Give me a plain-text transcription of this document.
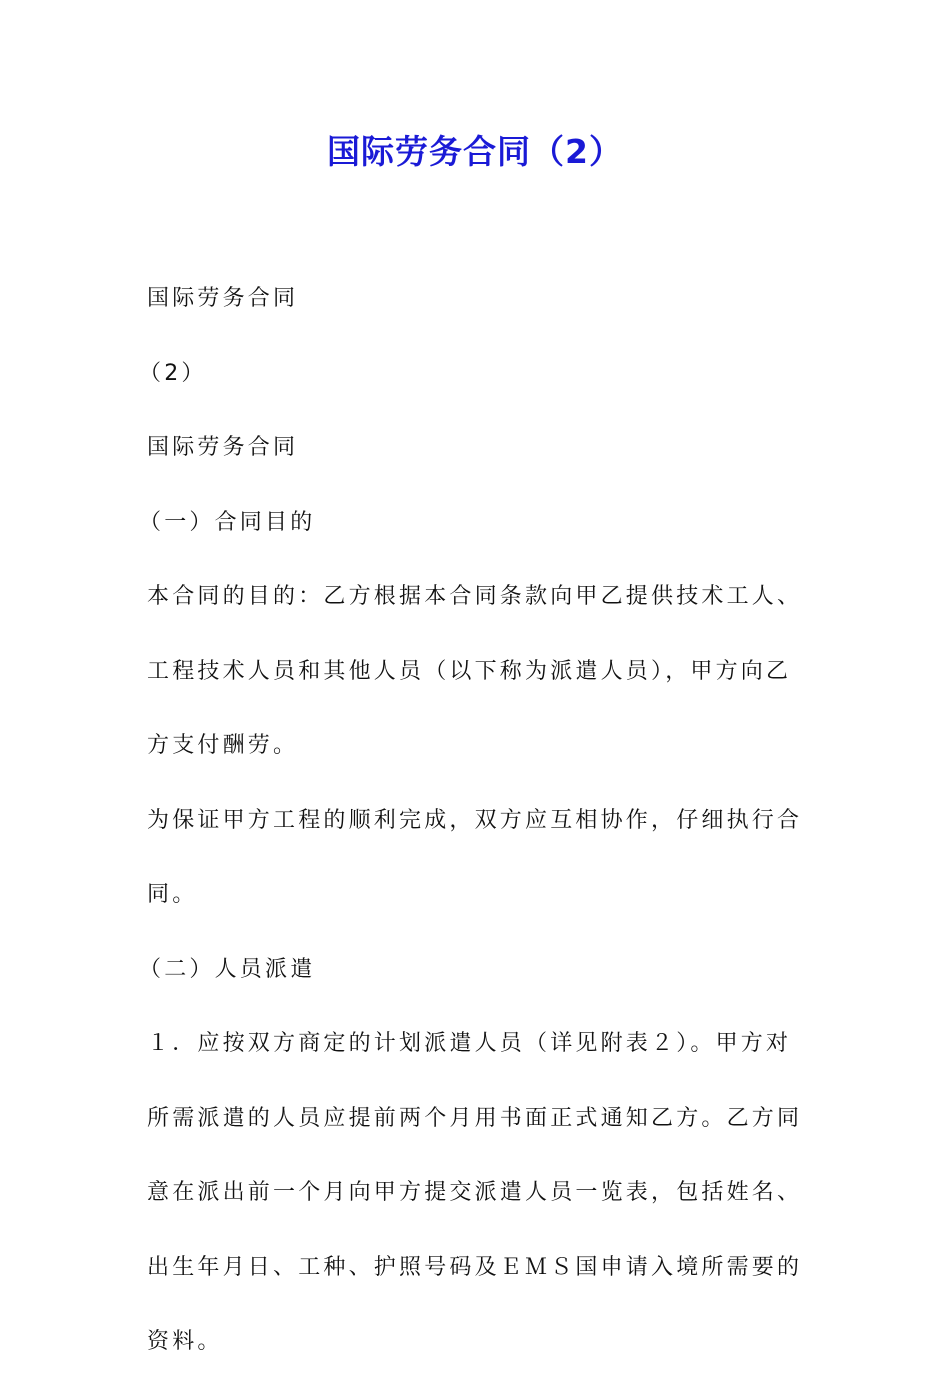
国际劳务合同（2）

国际劳务合同

（2）

国际劳务合同

（一）合同目的

本合同的目的：乙方根据本合同条款向甲乙提供技术工人、工程技术人员和其他人员（以下称为派遣人员），甲方向乙方支付酬劳。

为保证甲方工程的顺利完成，双方应互相协作，仔细执行合同。

（二）人员派遣

１．应按双方商定的计划派遣人员（详见附表２）。甲方对所需派遣的人员应提前两个月用书面正式通知乙方。乙方同意在派出前一个月向甲方提交派遣人员一览表，包括姓名、出生年月日、工种、护照号码及ＥＭＳ国申请入境所需要的资料。
